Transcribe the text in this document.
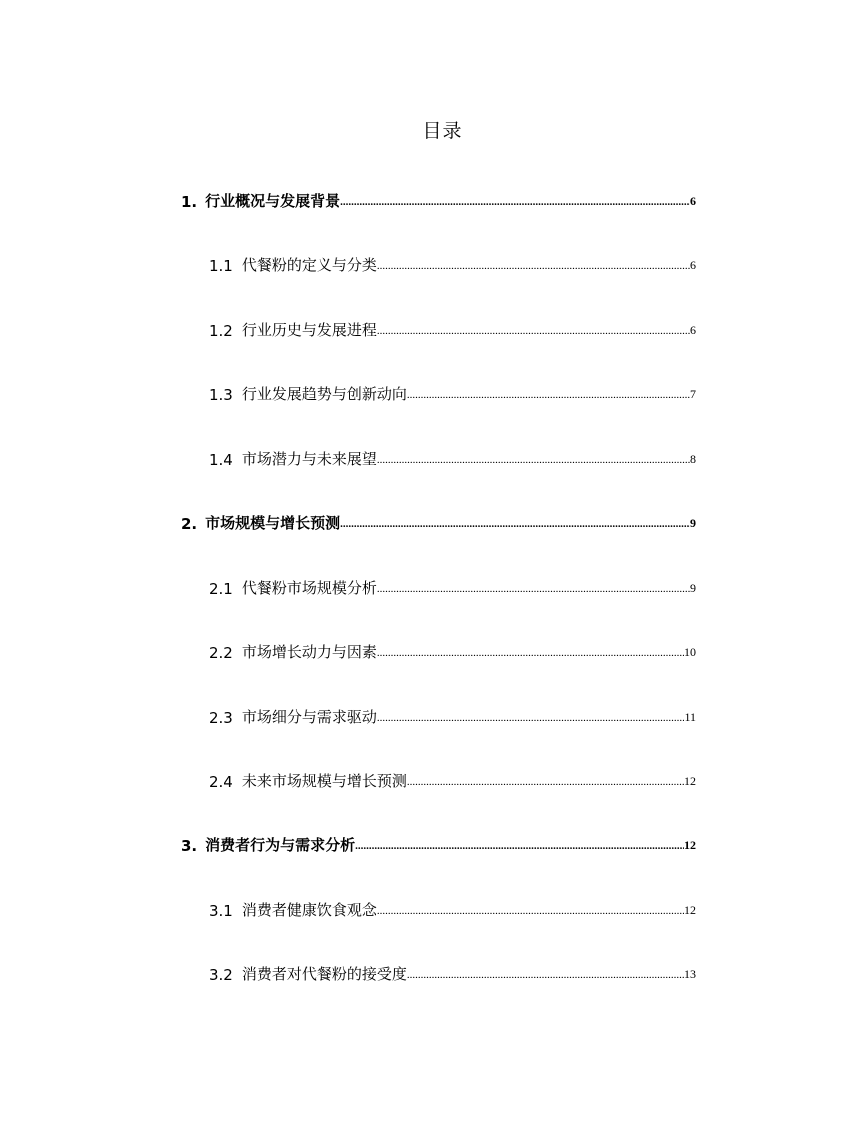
目录
1. 行业概况与发展背景 .....	6
1.1 代餐粉的定义与分类 .....	6
1.2 行业历史与发展进程 .....	6
1.3 行业发展趋势与创新动向 .....	7
1.4 市场潜力与未来展望 .....	8
2. 市场规模与增长预测 .....	9
2.1 代餐粉市场规模分析 .....	9
2.2 市场增长动力与因素 .....	10
2.3 市场细分与需求驱动 .....	11
2.4 未来市场规模与增长预测 .....	12
3. 消费者行为与需求分析 .....	12
3.1 消费者健康饮食观念 .....	12
3.2 消费者对代餐粉的接受度 .....	13
